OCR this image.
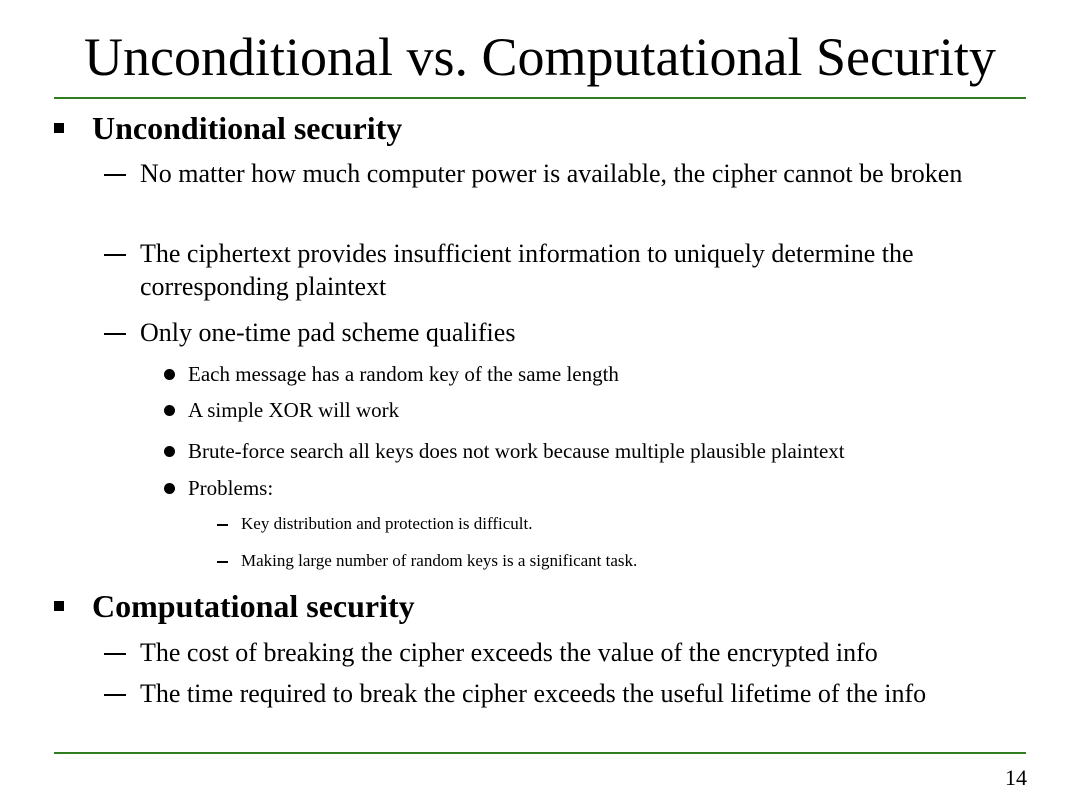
Unconditional vs. Computational Security
Unconditional security
No matter how much computer power is available, the cipher cannot be broken
The ciphertext provides insufficient information to uniquely determine the corresponding plaintext
Only one-time pad scheme qualifies
Each message has a random key of the same length
A simple XOR will work
Brute-force search all keys does not work because multiple plausible plaintext
Problems:
Key distribution and protection is difficult.
Making large number of random keys is a significant task.
Computational security
The cost of breaking the cipher exceeds the value of the encrypted info
The time required to break the cipher exceeds the useful lifetime of the info
14
